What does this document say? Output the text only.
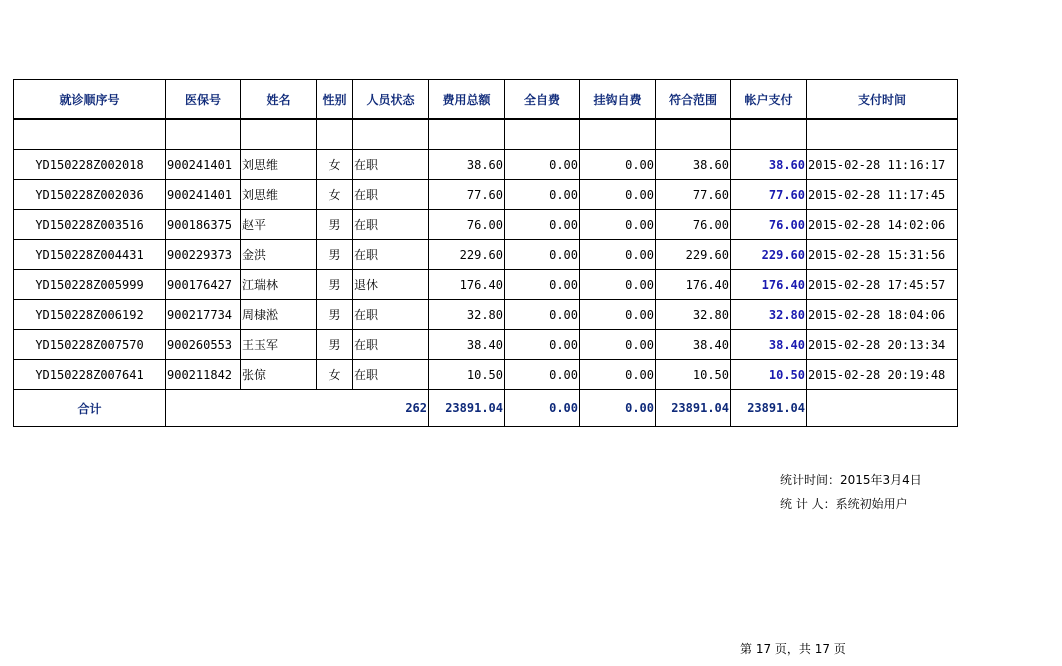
就诊顺序号	医保号	姓名	性别	人员状态	费用总额	全自费	挂钩自费	符合范围	帐户支付	支付时间

YD150228Z002018	900241401	刘思维	女	在职	38.60	0.00	0.00	38.60	38.60	2015-02-28 11:16:17
YD150228Z002036	900241401	刘思维	女	在职	77.60	0.00	0.00	77.60	77.60	2015-02-28 11:17:45
YD150228Z003516	900186375	赵平	男	在职	76.00	0.00	0.00	76.00	76.00	2015-02-28 14:02:06
YD150228Z004431	900229373	金洪	男	在职	229.60	0.00	0.00	229.60	229.60	2015-02-28 15:31:56
YD150228Z005999	900176427	江瑞林	男	退休	176.40	0.00	0.00	176.40	176.40	2015-02-28 17:45:57
YD150228Z006192	900217734	周棣淞	男	在职	32.80	0.00	0.00	32.80	32.80	2015-02-28 18:04:06
YD150228Z007570	900260553	王玉军	男	在职	38.40	0.00	0.00	38.40	38.40	2015-02-28 20:13:34
YD150228Z007641	900211842	张倞	女	在职	10.50	0.00	0.00	10.50	10.50	2015-02-28 20:19:48
合计	262				23891.04	0.00	0.00	23891.04	23891.04	
统计时间：2015年3月4日
统 计 人：系统初始用户
第 17 页，共 17 页
